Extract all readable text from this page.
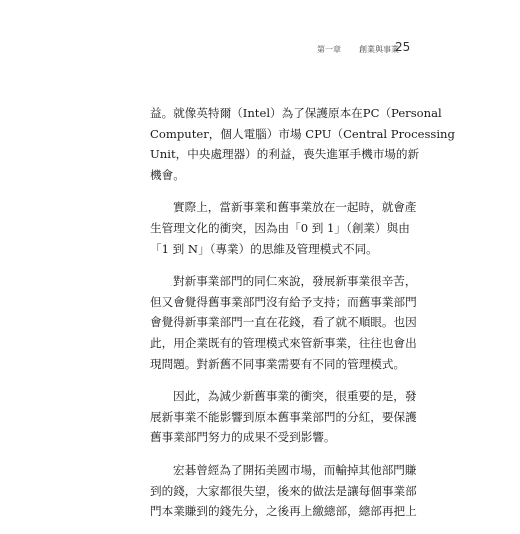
第一章 創業與事業
25

益。就像英特爾（Intel）為了保護原本在PC（Personal
Computer，個人電腦）市場 CPU（Central Processing
Unit，中央處理器）的利益，喪失進軍手機市場的新
機會。

實際上，當新事業和舊事業放在一起時，就會產
生管理文化的衝突，因為由「0 到 1」（創業）與由
「1 到 N」（專業）的思維及管理模式不同。

對新事業部門的同仁來說，發展新事業很辛苦，
但又會覺得舊事業部門沒有給予支持；而舊事業部門
會覺得新事業部門一直在花錢，看了就不順眼。也因
此，用企業既有的管理模式來管新事業，往往也會出
現問題。對新舊不同事業需要有不同的管理模式。

因此，為減少新舊事業的衝突，很重要的是，發
展新事業不能影響到原本舊事業部門的分紅，要保護
舊事業部門努力的成果不受到影響。

宏碁曾經為了開拓美國市場，而輸掉其他部門賺
到的錢，大家都很失望，後來的做法是讓每個事業部
門本業賺到的錢先分，之後再上繳總部，總部再把上
